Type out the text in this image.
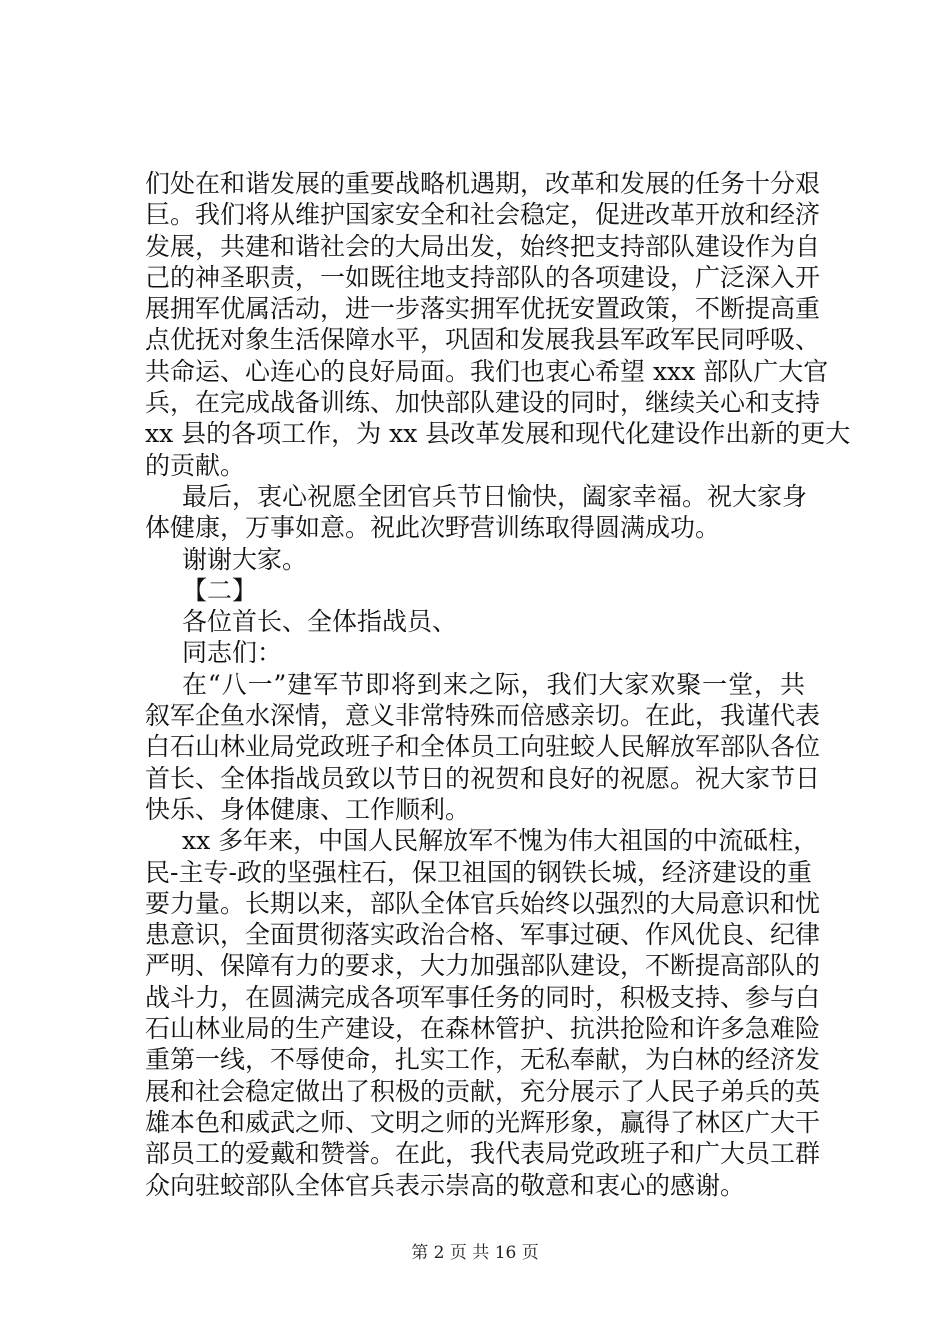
们处在和谐发展的重要战略机遇期，改革和发展的任务十分艰
巨。我们将从维护国家安全和社会稳定，促进改革开放和经济
发展，共建和谐社会的大局出发，始终把支持部队建设作为自
己的神圣职责，一如既往地支持部队的各项建设，广泛深入开
展拥军优属活动，进一步落实拥军优抚安置政策，不断提高重
点优抚对象生活保障水平，巩固和发展我县军政军民同呼吸、
共命运、心连心的良好局面。我们也衷心希望 xxx 部队广大官
兵，在完成战备训练、加快部队建设的同时，继续关心和支持
xx 县的各项工作，为 xx 县改革发展和现代化建设作出新的更大
的贡献。
最后，衷心祝愿全团官兵节日愉快，阖家幸福。祝大家身
体健康，万事如意。祝此次野营训练取得圆满成功。
谢谢大家。
【二】
各位首长、全体指战员、
同志们：
在“八一”建军节即将到来之际，我们大家欢聚一堂，共
叙军企鱼水深情，意义非常特殊而倍感亲切。在此，我谨代表
白石山林业局党政班子和全体员工向驻蛟人民解放军部队各位
首长、全体指战员致以节日的祝贺和良好的祝愿。祝大家节日
快乐、身体健康、工作顺利。
xx 多年来，中国人民解放军不愧为伟大祖国的中流砥柱，
民-主专-政的坚强柱石，保卫祖国的钢铁长城，经济建设的重
要力量。长期以来，部队全体官兵始终以强烈的大局意识和忧
患意识，全面贯彻落实政治合格、军事过硬、作风优良、纪律
严明、保障有力的要求，大力加强部队建设，不断提高部队的
战斗力，在圆满完成各项军事任务的同时，积极支持、参与白
石山林业局的生产建设，在森林管护、抗洪抢险和许多急难险
重第一线，不辱使命，扎实工作，无私奉献，为白林的经济发
展和社会稳定做出了积极的贡献，充分展示了人民子弟兵的英
雄本色和威武之师、文明之师的光辉形象，赢得了林区广大干
部员工的爱戴和赞誉。在此，我代表局党政班子和广大员工群
众向驻蛟部队全体官兵表示崇高的敬意和衷心的感谢。
第 2 页 共 16 页
